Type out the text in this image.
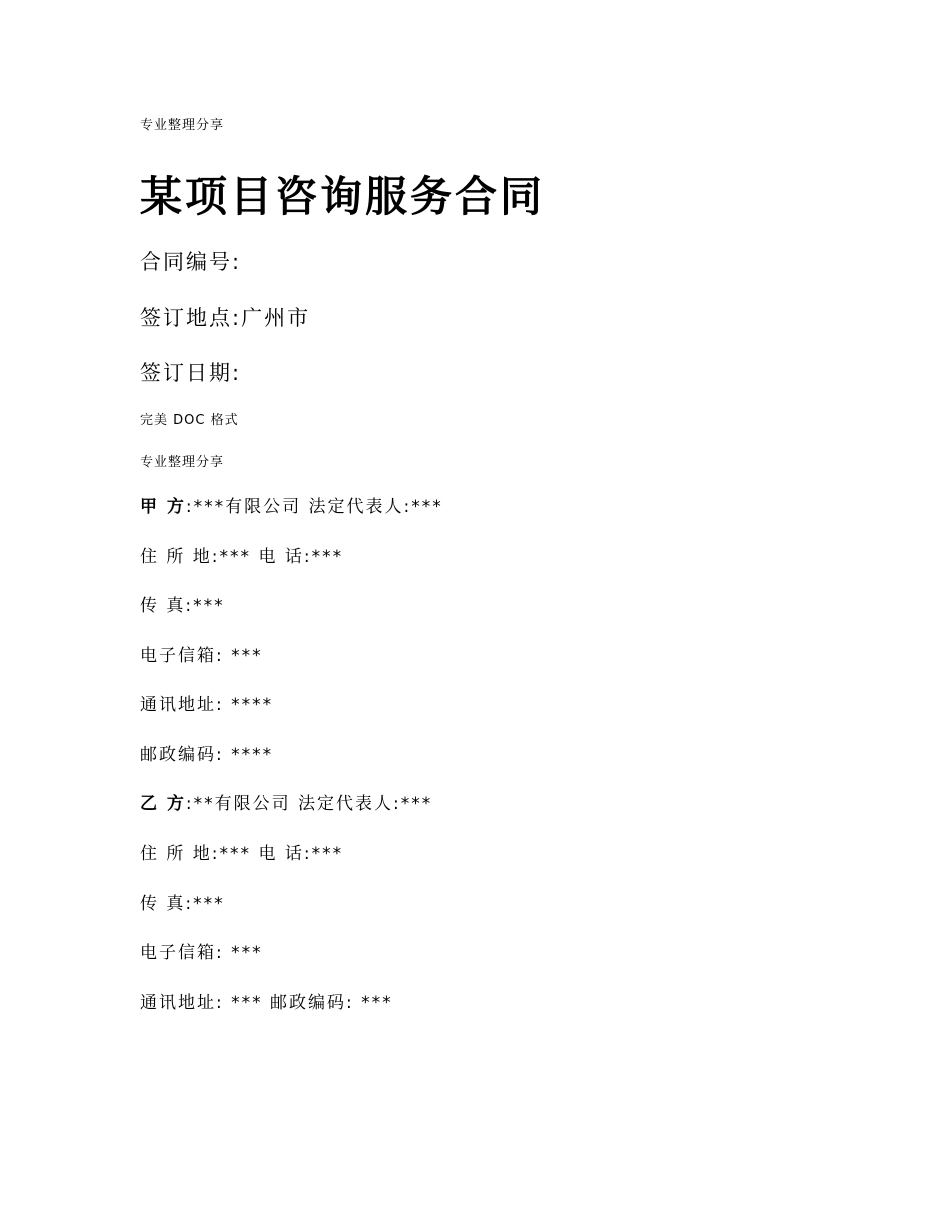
专业整理分享

某项目咨询服务合同

合同编号:

签订地点:广州市

签订日期:

完美 DOC 格式

专业整理分享

甲 方:***有限公司 法定代表人:***

住 所 地:*** 电 话:***

传 真:***

电子信箱: ***

通讯地址: ****

邮政编码: ****

乙 方:**有限公司 法定代表人:***

住 所 地:*** 电 话:***

传 真:***

电子信箱: ***

通讯地址: *** 邮政编码: ***
